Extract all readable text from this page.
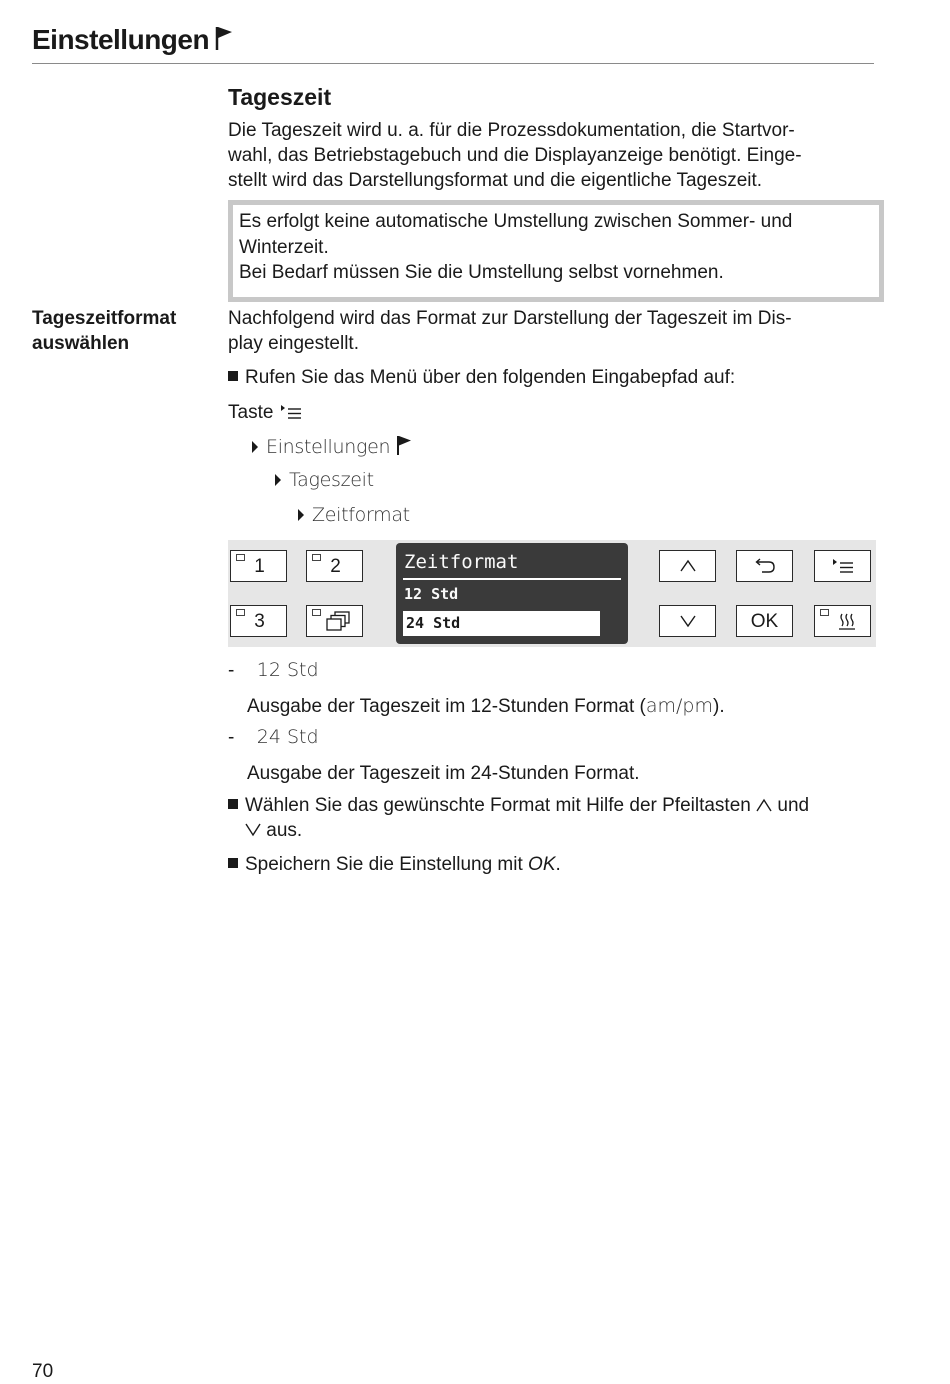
Einstellungen
Tageszeit
Die Tageszeit wird u. a. für die Prozessdokumentation, die Startvor-
wahl, das Betriebstagebuch und die Displayanzeige benötigt. Einge-
stellt wird das Darstellungsformat und die eigentliche Tageszeit.
Es erfolgt keine automatische Umstellung zwischen Sommer- und
Winterzeit.
Bei Bedarf müssen Sie die Umstellung selbst vornehmen.
Tageszeitformat
auswählen
Nachfolgend wird das Format zur Darstellung der Tageszeit im Dis-
play eingestellt.
Rufen Sie das Menü über den folgenden Eingabepfad auf:
Taste
Einstellungen
Tageszeit
Zeitformat
1	2
3
Zeitformat
12 Std
24 Std	OK
- 12 Std
Ausgabe der Tageszeit im 12-Stunden Format (am/pm).
- 24 Std
Ausgabe der Tageszeit im 24-Stunden Format.
Wählen Sie das gewünschte Format mit Hilfe der Pfeiltasten und
aus.
Speichern Sie die Einstellung mit OK.
70
